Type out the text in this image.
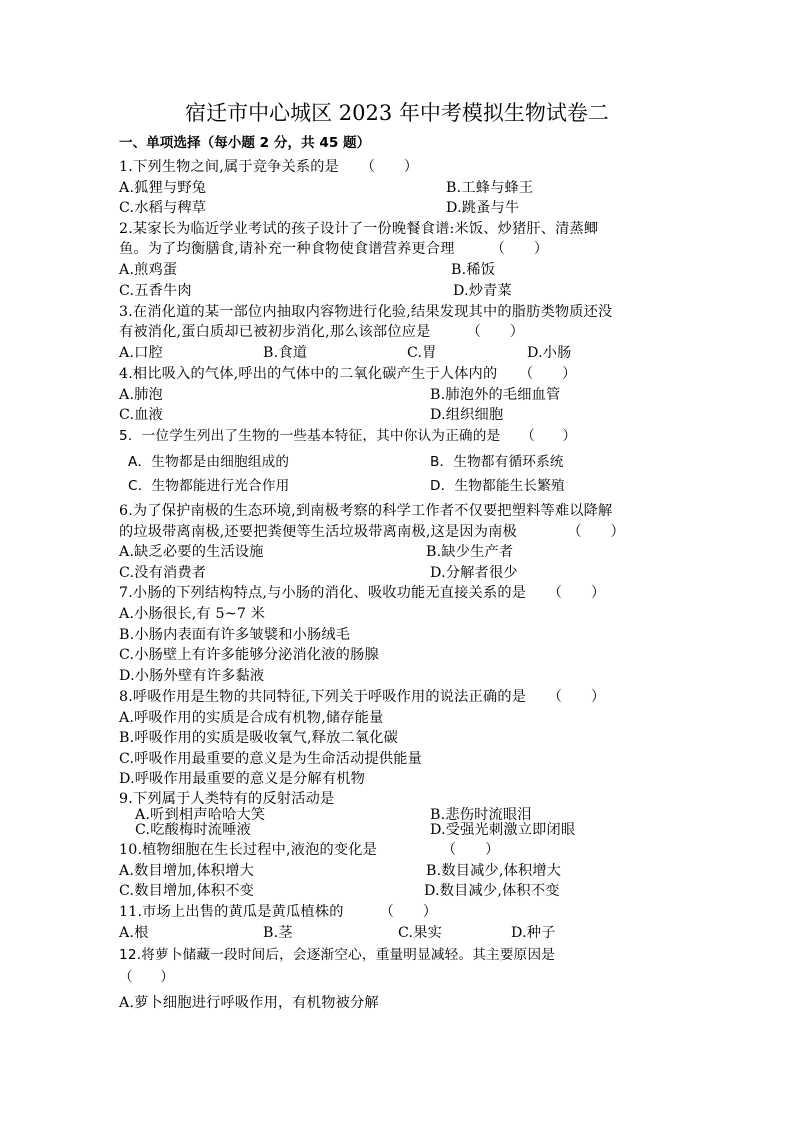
宿迁市中心城区 2023 年中考模拟生物试卷二
一、单项选择（每小题 2 分，共 45 题）
1.下列生物之间,属于竞争关系的是　　（　　）
A.狐狸与野兔	B.工蜂与蜂王
C.水稻与稗草	D.跳蚤与牛
2.某家长为临近学业考试的孩子设计了一份晚餐食谱:米饭、炒猪肝、清蒸鲫
鱼。为了均衡膳食,请补充一种食物使食谱营养更合理　　　（　　）
A.煎鸡蛋	B.稀饭
C.五香牛肉	D.炒青菜
3.在消化道的某一部位内抽取内容物进行化验,结果发现其中的脂肪类物质还没
有被消化,蛋白质却已被初步消化,那么该部位应是　　　（　　）
A.口腔	B.食道	C.胃	D.小肠
4.相比吸入的气体,呼出的气体中的二氧化碳产生于人体内的　　（　　）
A.肺泡	B.肺泡外的毛细血管
C.血液	D.组织细胞
5．一位学生列出了生物的一些基本特征，其中你认为正确的是　　（　　）
A．生物都是由细胞组成的	B．生物都有循环系统
C．生物都能进行光合作用	D．生物都能生长繁殖
6.为了保护南极的生态环境,到南极考察的科学工作者不仅要把塑料等难以降解
的垃圾带离南极,还要把粪便等生活垃圾带离南极,这是因为南极　　　　（　　）
A.缺乏必要的生活设施	B.缺少生产者
C.没有消费者	D.分解者很少
7.小肠的下列结构特点,与小肠的消化、吸收功能无直接关系的是　　（　　）
A.小肠很长,有 5~7 米
B.小肠内表面有许多皱襞和小肠绒毛
C.小肠壁上有许多能够分泌消化液的肠腺
D.小肠外壁有许多黏液
8.呼吸作用是生物的共同特征,下列关于呼吸作用的说法正确的是　　（　　）
A.呼吸作用的实质是合成有机物,储存能量
B.呼吸作用的实质是吸收氧气,释放二氧化碳
C.呼吸作用最重要的意义是为生命活动提供能量
D.呼吸作用最重要的意义是分解有机物
9.下列属于人类特有的反射活动是
A.听到相声哈哈大笑	B.悲伤时流眼泪
C.吃酸梅时流唾液	D.受强光刺激立即闭眼
10.植物细胞在生长过程中,液泡的变化是　　　　　（　　）
A.数目增加,体积增大	B.数目减少,体积增大
C.数目增加,体积不变	D.数目减少,体积不变
11.市场上出售的黄瓜是黄瓜植株的　　　（　　）
A.根	B.茎	C.果实	D.种子
12.将萝卜储藏一段时间后，会逐渐空心，重量明显减轻。其主要原因是
（　　）
A.萝卜细胞进行呼吸作用，有机物被分解
